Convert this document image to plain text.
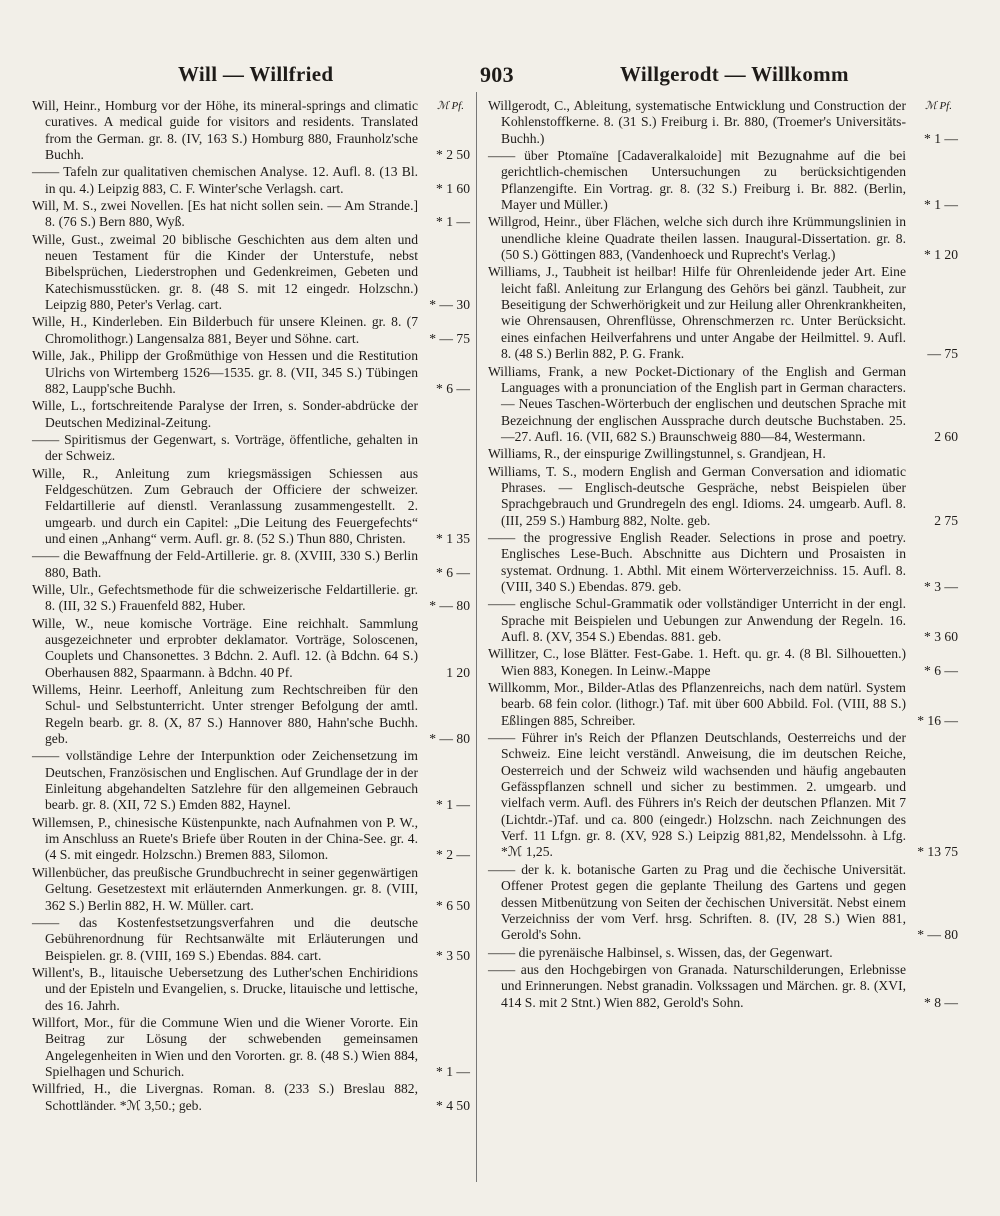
Will — Willfried	903	Willgerodt — Willkomm
ℳ Pf.
Will, Heinr., Homburg vor der Höhe, its mineral-springs and climatic curatives. A medical guide for visitors and residents. Translated from the German. gr. 8. (IV, 163 S.) Homburg 880, Fraunholz'sche Buchh.	* 2 50
—— Tafeln zur qualitativen chemischen Analyse. 12. Aufl. 8. (13 Bl. in qu. 4.) Leipzig 883, C. F. Winter'sche Verlagsh. cart.	* 1 60
Will, M. S., zwei Novellen. [Es hat nicht sollen sein. — Am Strande.] 8. (76 S.) Bern 880, Wyß.	* 1 —
Wille, Gust., zweimal 20 biblische Geschichten aus dem alten und neuen Testament für die Kinder der Unterstufe, nebst Bibelsprüchen, Liederstrophen und Gedenkreimen, Gebeten und Katechismusstücken. gr. 8. (48 S. mit 12 eingedr. Holzschn.) Leipzig 880, Peter's Verlag. cart.	* — 30
Wille, H., Kinderleben. Ein Bilderbuch für unsere Kleinen. gr. 8. (7 Chromolithogr.) Langensalza 881, Beyer und Söhne. cart.	* — 75
Wille, Jak., Philipp der Großmüthige von Hessen und die Restitution Ulrichs von Wirtemberg 1526—1535. gr. 8. (VII, 345 S.) Tübingen 882, Laupp'sche Buchh.	* 6 —
Wille, L., fortschreitende Paralyse der Irren, s. Sonder-abdrücke der Deutschen Medizinal-Zeitung.
—— Spiritismus der Gegenwart, s. Vorträge, öffentliche, gehalten in der Schweiz.
Wille, R., Anleitung zum kriegsmässigen Schiessen aus Feldgeschützen. Zum Gebrauch der Officiere der schweizer. Feldartillerie auf dienstl. Veranlassung zusammengestellt. 2. umgearb. und durch ein Capitel: „Die Leitung des Feuergefechts“ und einen „Anhang“ verm. Aufl. gr. 8. (52 S.) Thun 880, Christen.	* 1 35
—— die Bewaffnung der Feld-Artillerie. gr. 8. (XVIII, 330 S.) Berlin 880, Bath.	* 6 —
Wille, Ulr., Gefechtsmethode für die schweizerische Feldartillerie. gr. 8. (III, 32 S.) Frauenfeld 882, Huber.	* — 80
Wille, W., neue komische Vorträge. Eine reichhalt. Sammlung ausgezeichneter und erprobter deklamator. Vorträge, Soloscenen, Couplets und Chansonettes. 3 Bdchn. 2. Aufl. 12. (à Bdchn. 64 S.) Oberhausen 882, Spaarmann. à Bdchn. 40 Pf.	1 20
Willems, Heinr. Leerhoff, Anleitung zum Rechtschreiben für den Schul- und Selbstunterricht. Unter strenger Befolgung der amtl. Regeln bearb. gr. 8. (X, 87 S.) Hannover 880, Hahn'sche Buchh. geb.	* — 80
—— vollständige Lehre der Interpunktion oder Zeichensetzung im Deutschen, Französischen und Englischen. Auf Grundlage der in der Einleitung abgehandelten Satzlehre für den allgemeinen Gebrauch bearb. gr. 8. (XII, 72 S.) Emden 882, Haynel.	* 1 —
Willemsen, P., chinesische Küstenpunkte, nach Aufnahmen von P. W., im Anschluss an Ruete's Briefe über Routen in der China-See. gr. 4. (4 S. mit eingedr. Holzschn.) Bremen 883, Silomon.	* 2 —
Willenbücher, das preußische Grundbuchrecht in seiner gegenwärtigen Geltung. Gesetzestext mit erläuternden Anmerkungen. gr. 8. (VIII, 362 S.) Berlin 882, H. W. Müller. cart.	* 6 50
—— das Kostenfestsetzungsverfahren und die deutsche Gebührenordnung für Rechtsanwälte mit Erläuterungen und Beispielen. gr. 8. (VIII, 169 S.) Ebendas. 884. cart.	* 3 50
Willent's, B., litauische Uebersetzung des Luther'schen Enchiridions und der Episteln und Evangelien, s. Drucke, litauische und lettische, des 16. Jahrh.
Willfort, Mor., für die Commune Wien und die Wiener Vororte. Ein Beitrag zur Lösung der schwebenden gemeinsamen Angelegenheiten in Wien und den Vororten. gr. 8. (48 S.) Wien 884, Spielhagen und Schurich.	* 1 —
Willfried, H., die Livergnas. Roman. 8. (233 S.) Breslau 882, Schottländer. *ℳ 3,50.; geb.	* 4 50
ℳ Pf.
Willgerodt, C., Ableitung, systematische Entwicklung und Construction der Kohlenstoffkerne. 8. (31 S.) Freiburg i. Br. 880, (Troemer's Universitäts-Buchh.)	* 1 —
—— über Ptomaïne [Cadaveralkaloide] mit Bezugnahme auf die bei gerichtlich-chemischen Untersuchungen zu berücksichtigenden Pflanzengifte. Ein Vortrag. gr. 8. (32 S.) Freiburg i. Br. 882. (Berlin, Mayer und Müller.)	* 1 —
Willgrod, Heinr., über Flächen, welche sich durch ihre Krümmungslinien in unendliche kleine Quadrate theilen lassen. Inaugural-Dissertation. gr. 8. (50 S.) Göttingen 883, (Vandenhoeck und Ruprecht's Verlag.)	* 1 20
Williams, J., Taubheit ist heilbar! Hilfe für Ohrenleidende jeder Art. Eine leicht faßl. Anleitung zur Erlangung des Gehörs bei gänzl. Taubheit, zur Beseitigung der Schwerhörigkeit und zur Heilung aller Ohrenkrankheiten, wie Ohrensausen, Ohrenflüsse, Ohrenschmerzen rc. Unter Berücksicht. eines einfachen Heilverfahrens und unter Angabe der Heilmittel. 9. Aufl. 8. (48 S.) Berlin 882, P. G. Frank.	— 75
Williams, Frank, a new Pocket-Dictionary of the English and German Languages with a pronunciation of the English part in German characters. — Neues Taschen-Wörterbuch der englischen und deutschen Sprache mit Bezeichnung der englischen Aussprache durch deutsche Buchstaben. 25.—27. Aufl. 16. (VII, 682 S.) Braunschweig 880—84, Westermann.	2 60
Williams, R., der einspurige Zwillingstunnel, s. Grandjean, H.
Williams, T. S., modern English and German Conversation and idiomatic Phrases. — Englisch-deutsche Gespräche, nebst Beispielen über Sprachgebrauch und Grundregeln des engl. Idioms. 24. umgearb. Aufl. 8. (III, 259 S.) Hamburg 882, Nolte. geb.	2 75
—— the progressive English Reader. Selections in prose and poetry. Englisches Lese-Buch. Abschnitte aus Dichtern und Prosaisten in systemat. Ordnung. 1. Abthl. Mit einem Wörterverzeichniss. 15. Aufl. 8. (VIII, 340 S.) Ebendas. 879. geb.	* 3 —
—— englische Schul-Grammatik oder vollständiger Unterricht in der engl. Sprache mit Beispielen und Uebungen zur Anwendung der Regeln. 16. Aufl. 8. (XV, 354 S.) Ebendas. 881. geb.	* 3 60
Willitzer, C., lose Blätter. Fest-Gabe. 1. Heft. qu. gr. 4. (8 Bl. Silhouetten.) Wien 883, Konegen. In Leinw.-Mappe	* 6 —
Willkomm, Mor., Bilder-Atlas des Pflanzenreichs, nach dem natürl. System bearb. 68 fein color. (lithogr.) Taf. mit über 600 Abbild. Fol. (VIII, 88 S.) Eßlingen 885, Schreiber.	* 16 —
—— Führer in's Reich der Pflanzen Deutschlands, Oesterreichs und der Schweiz. Eine leicht verständl. Anweisung, die im deutschen Reiche, Oesterreich und der Schweiz wild wachsenden und häufig angebauten Gefässpflanzen schnell und sicher zu bestimmen. 2. umgearb. und vielfach verm. Aufl. des Führers in's Reich der deutschen Pflanzen. Mit 7 (Lichtdr.-)Taf. und ca. 800 (eingedr.) Holzschn. nach Zeichnungen des Verf. 11 Lfgn. gr. 8. (XV, 928 S.) Leipzig 881,82, Mendelssohn. à Lfg. *ℳ 1,25.	* 13 75
—— der k. k. botanische Garten zu Prag und die čechische Universität. Offener Protest gegen die geplante Theilung des Gartens und gegen dessen Mitbenützung von Seiten der čechischen Universität. Nebst einem Verzeichniss der vom Verf. hrsg. Schriften. 8. (IV, 28 S.) Wien 881, Gerold's Sohn.	* — 80
—— die pyrenäische Halbinsel, s. Wissen, das, der Gegenwart.
—— aus den Hochgebirgen von Granada. Naturschilderungen, Erlebnisse und Erinnerungen. Nebst granadin. Volkssagen und Märchen. gr. 8. (XVI, 414 S. mit 2 Stnt.) Wien 882, Gerold's Sohn.	* 8 —
